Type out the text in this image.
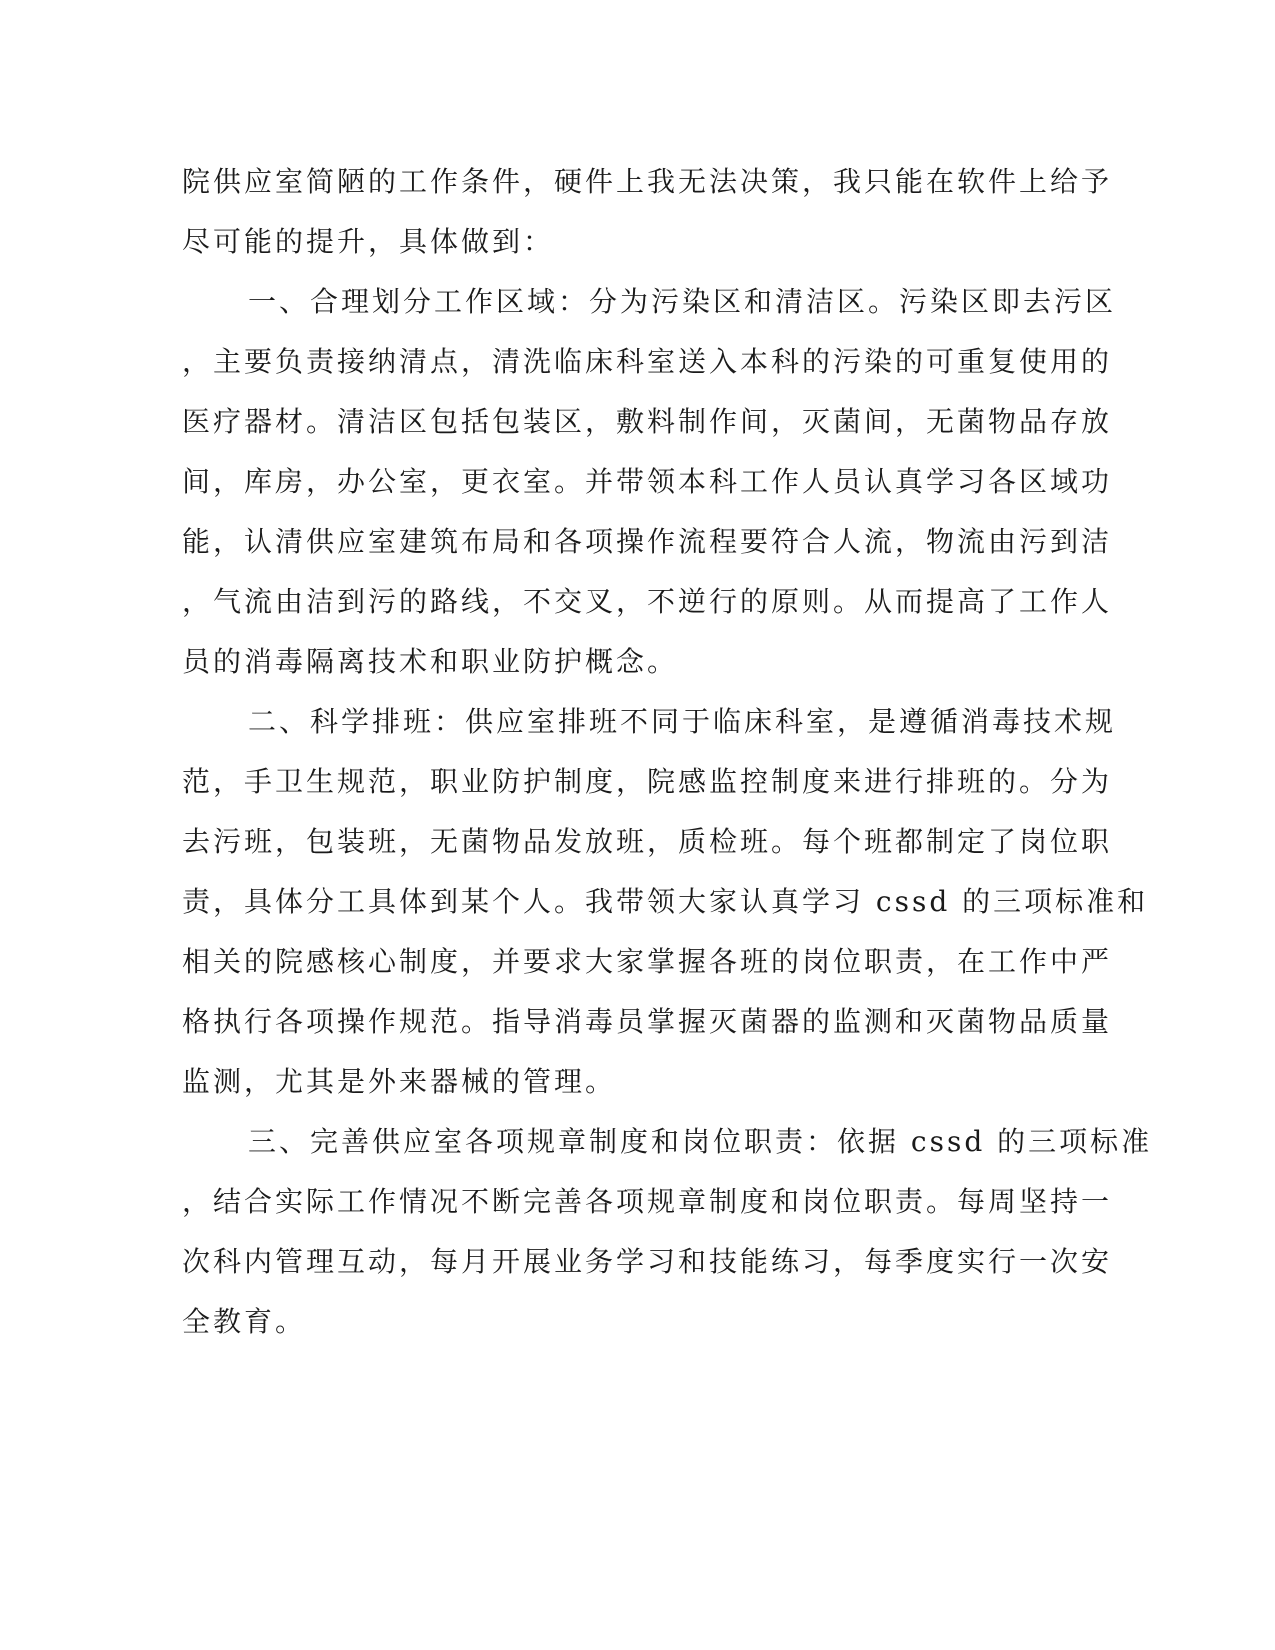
院供应室简陋的工作条件，硬件上我无法决策，我只能在软件上给予
尽可能的提升，具体做到：
一、合理划分工作区域：分为污染区和清洁区。污染区即去污区
，主要负责接纳清点，清洗临床科室送入本科的污染的可重复使用的
医疗器材。清洁区包括包装区，敷料制作间，灭菌间，无菌物品存放
间，库房，办公室，更衣室。并带领本科工作人员认真学习各区域功
能，认清供应室建筑布局和各项操作流程要符合人流，物流由污到洁
，气流由洁到污的路线，不交叉，不逆行的原则。从而提高了工作人
员的消毒隔离技术和职业防护概念。
二、科学排班：供应室排班不同于临床科室，是遵循消毒技术规
范，手卫生规范，职业防护制度，院感监控制度来进行排班的。分为
去污班，包装班，无菌物品发放班，质检班。每个班都制定了岗位职
责，具体分工具体到某个人。我带领大家认真学习 cssd 的三项标准和
相关的院感核心制度，并要求大家掌握各班的岗位职责，在工作中严
格执行各项操作规范。指导消毒员掌握灭菌器的监测和灭菌物品质量
监测，尤其是外来器械的管理。
三、完善供应室各项规章制度和岗位职责：依据 cssd 的三项标准
，结合实际工作情况不断完善各项规章制度和岗位职责。每周坚持一
次科内管理互动，每月开展业务学习和技能练习，每季度实行一次安
全教育。
